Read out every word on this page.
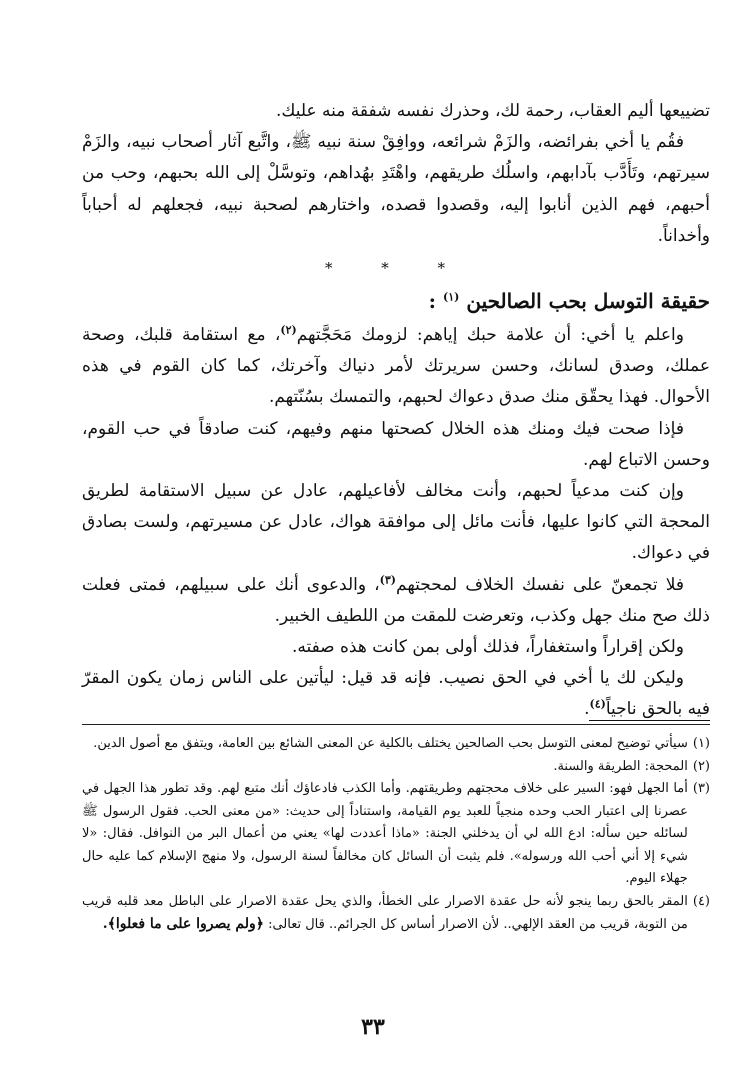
تضييعها أليم العقاب، رحمة لك، وحذرك نفسه شفقة منه عليك.

فقُم يا أخي بفرائضه، والزَمْ شرائعه، ووافِقْ سنة نبيه ﷺ، واتَّبع آثار أصحاب نبيه، والزَمْ سيرتهم، وتَأَدَّب بآدابهم، واسلُك طريقهم، واهْتَدِ بهُداهم، وتوسَّلْ إلى الله بحبهم، وحب من أحبهم، فهم الذين أنابوا إليه، وقصدوا قصده، واختارهم لصحبة نبيه، فجعلهم له أحباباً وأخداناً.

* * *
حقيقة التوسل بحب الصالحين $^{(١)}$ :

واعلم يا أخي: أن علامة حبك إياهم: لزومك مَحَجَّتهم$^{(٢)}$، مع استقامة قلبك، وصحة عملك، وصدق لسانك، وحسن سريرتك لأمر دنياك وآخرتك، كما كان القوم في هذه الأحوال. فهذا يحقّق منك صدق دعواك لحبهم، والتمسك بسُنّتهم.

فإذا صحت فيك ومنك هذه الخلال كصحتها منهم وفيهم، كنت صادقاً في حب القوم، وحسن الاتباع لهم.

وإن كنت مدعياً لحبهم، وأنت مخالف لأفاعيلهم، عادل عن سبيل الاستقامة لطريق المحجة التي كانوا عليها، فأنت مائل إلى موافقة هواك، عادل عن مسيرتهم، ولست بصادق في دعواك.

فلا تجمعنّ على نفسك الخلاف لمحجتهم$^{(٣)}$، والدعوى أنك على سبيلهم، فمتى فعلت ذلك صح منك جهل وكذب، وتعرضت للمقت من اللطيف الخبير.

ولكن إقراراً واستغفاراً، فذلك أولى بمن كانت هذه صفته.

وليكن لك يا أخي في الحق نصيب. فإنه قد قيل: ليأتين على الناس زمان يكون المقرّ فيه بالحق ناجياً$^{(٤)}$.

(١)
سيأتي توضيح لمعنى التوسل بحب الصالحين يختلف بالكلية عن المعنى الشائع بين العامة، ويتفق مع أصول الدين.
(٢)
المحجة: الطريقة والسنة.
(٣)
أما الجهل فهو: السير على خلاف محجتهم وطريقتهم. وأما الكذب فادعاؤك أنك متبع لهم. وقد تطور هذا الجهل في عصرنا إلى اعتبار الحب وحده منجياً للعبد يوم القيامة، واستناداً إلى حديث: «من معنى الحب. فقول الرسول ﷺ لسائله حين سأله: ادع الله لي أن يدخلني الجنة: «ماذا أعددت لها» يعني من أعمال البر من النوافل. فقال: «لا شيء إلا أني أحب الله ورسوله». فلم يثبت أن السائل كان مخالفاً لسنة الرسول، ولا منهج الإسلام كما عليه حال جهلاء اليوم.
(٤)
المقر بالحق ربما ينجو لأنه حل عقدة الاصرار على الخطأ، والذي يحل عقدة الاصرار على الباطل معد قلبه قريب من التوبة، قريب من العقد الإلهي.. لأن الاصرار أساس كل الجرائم.. قال تعالى: ﴿ولم يصروا على ما فعلوا﴾.
٣٣
